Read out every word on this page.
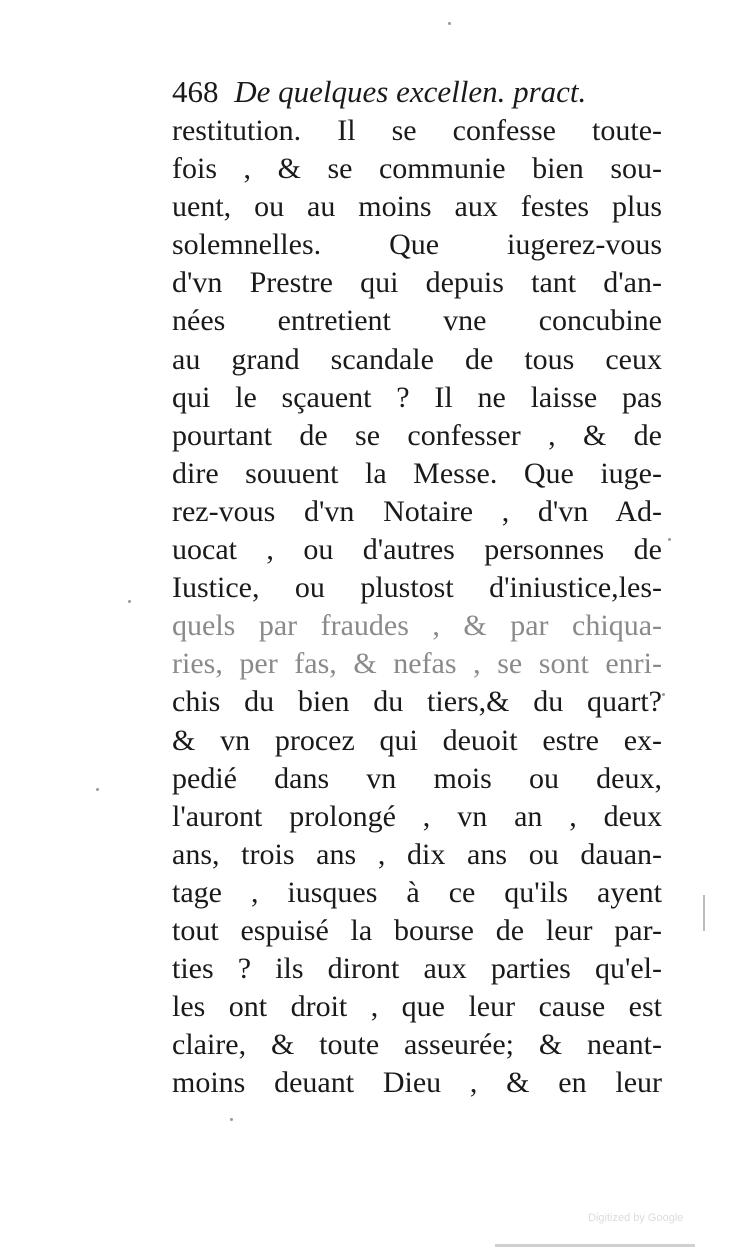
468 De quelques excellen. pract.
restitution. Il se confesse toute-
fois , & se communie bien sou-
uent, ou au moins aux festes plus
solemnelles. Que iugerez-vous
d'vn Prestre qui depuis tant d'an-
nées entretient vne concubine
au grand scandale de tous ceux
qui le sçauent ? Il ne laisse pas
pourtant de se confesser , & de
dire souuent la Messe. Que iuge-
rez-vous d'vn Notaire , d'vn Ad-
uocat , ou d'autres personnes de
Iustice, ou plustost d'iniustice,les-
quels par fraudes , & par chiqua-
ries, per fas, & nefas , se sont enri-
chis du bien du tiers,& du quart?
& vn procez qui deuoit estre ex-
pedié dans vn mois ou deux,
l'auront prolongé , vn an , deux
ans, trois ans , dix ans ou dauan-
tage , iusques à ce qu'ils ayent
tout espuisé la bourse de leur par-
ties ? ils diront aux parties qu'el-
les ont droit , que leur cause est
claire, & toute asseurée; & neant-
moins deuant Dieu , & en leur
Digitized by Google
